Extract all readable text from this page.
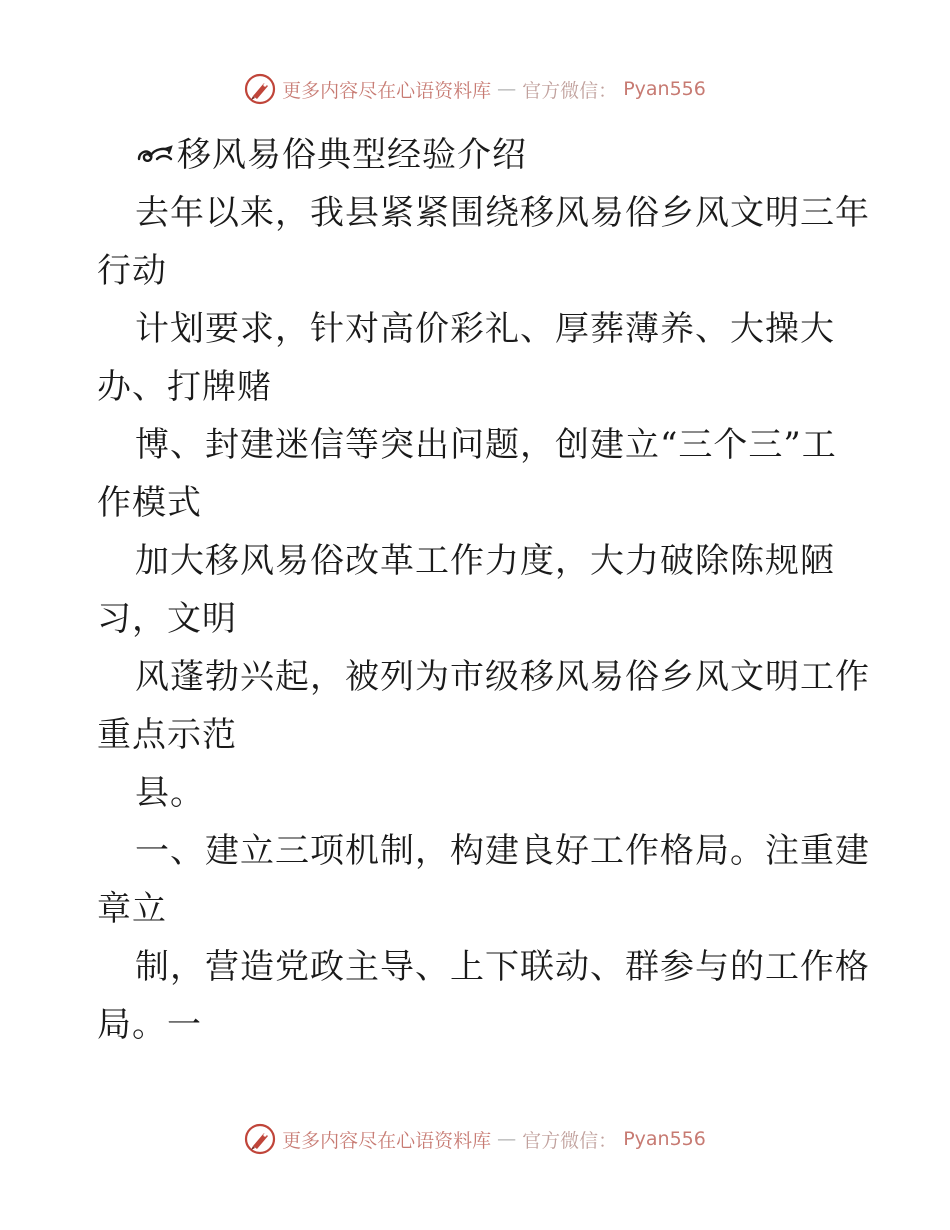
更多内容尽在心语资料库 — 官方微信： Pyan556
移风易俗典型经验介绍
去年以来，我县紧紧围绕移风易俗乡风文明三年
行动
计划要求，针对高价彩礼、厚葬薄养、大操大
办、打牌赌
博、封建迷信等突出问题，创建立“三个三”工
作模式
加大移风易俗改革工作力度，大力破除陈规陋
习，文明
风蓬勃兴起，被列为市级移风易俗乡风文明工作
重点示范
县。
一、建立三项机制，构建良好工作格局。注重建
章立
制，营造党政主导、上下联动、群参与的工作格
局。一
更多内容尽在心语资料库 — 官方微信： Pyan556
